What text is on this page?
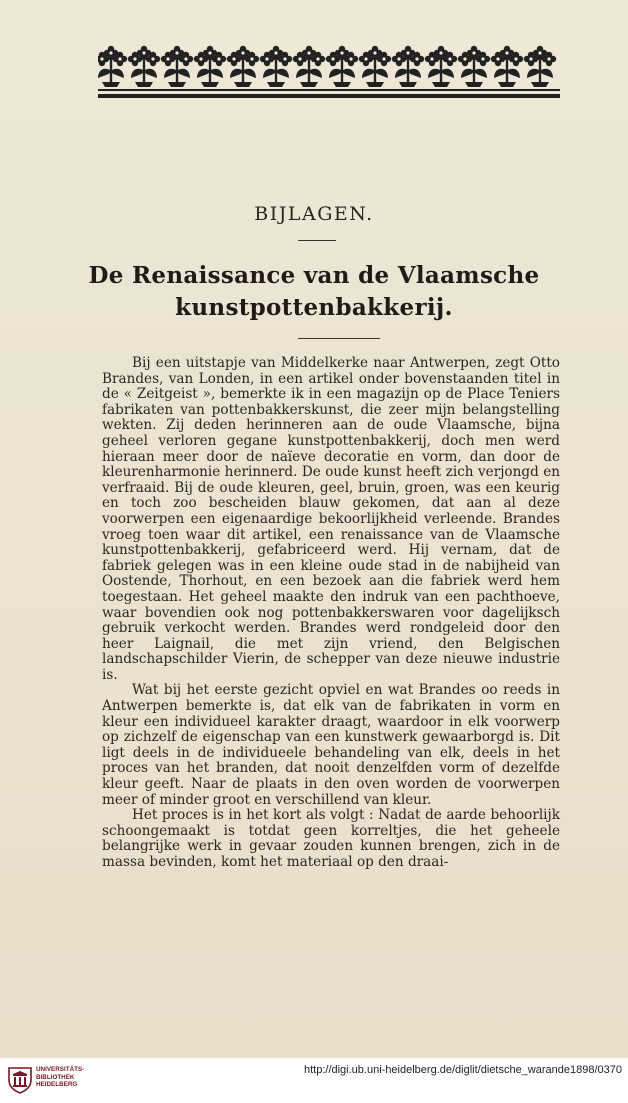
BIJLAGEN.
De Renaissance van de Vlaamsche
kunstpottenbakkerij.

Bij een uitstapje van Middelkerke naar Antwerpen, zegt Otto Brandes, van Londen, in een artikel onder bovenstaanden titel in de « Zeitgeist », bemerkte ik in een magazijn op de Place Teniers fabrikaten van pottenbakkerskunst, die zeer mijn belangstelling wekten. Zij deden herinneren aan de oude Vlaamsche, bijna geheel verloren gegane kunstpottenbakkerij, doch men werd hieraan meer door de naïeve decoratie en vorm, dan door de kleurenharmonie herinnerd. De oude kunst heeft zich verjongd en verfraaid. Bij de oude kleuren, geel, bruin, groen, was een keurig en toch zoo bescheiden blauw gekomen, dat aan al deze voorwerpen een eigenaardige bekoorlijkheid verleende. Brandes vroeg toen waar dit artikel, een renaissance van de Vlaamsche kunstpottenbakkerij, gefabriceerd werd. Hij vernam, dat de fabriek gelegen was in een kleine oude stad in de nabijheid van Oostende, Thorhout, en een bezoek aan die fabriek werd hem toegestaan. Het geheel maakte den indruk van een pachthoeve, waar bovendien ook nog pottenbakkerswaren voor dagelijksch gebruik verkocht werden. Brandes werd rondgeleid door den heer Laignail, die met zijn vriend, den Belgischen landschapschilder Vierin, de schepper van deze nieuwe industrie is.

Wat bij het eerste gezicht opviel en wat Brandes oo reeds in Antwerpen bemerkte is, dat elk van de fabrikaten in vorm en kleur een individueel karakter draagt, waardoor in elk voorwerp op zichzelf de eigenschap van een kunstwerk gewaarborgd is. Dit ligt deels in de individueele behandeling van elk, deels in het proces van het branden, dat nooit denzelfden vorm of dezelfde kleur geeft. Naar de plaats in den oven worden de voorwerpen meer of minder groot en verschillend van kleur.

Het proces is in het kort als volgt : Nadat de aarde behoorlijk schoongemaakt is totdat geen korreltjes, die het geheele belangrijke werk in gevaar zouden kunnen brengen, zich in de massa bevinden, komt het materiaal op den draai-

UNIVERSITÄTS-
BIBLIOTHEK
HEIDELBERG
http://digi.ub.uni-heidelberg.de/diglit/dietsche_warande1898/0370
